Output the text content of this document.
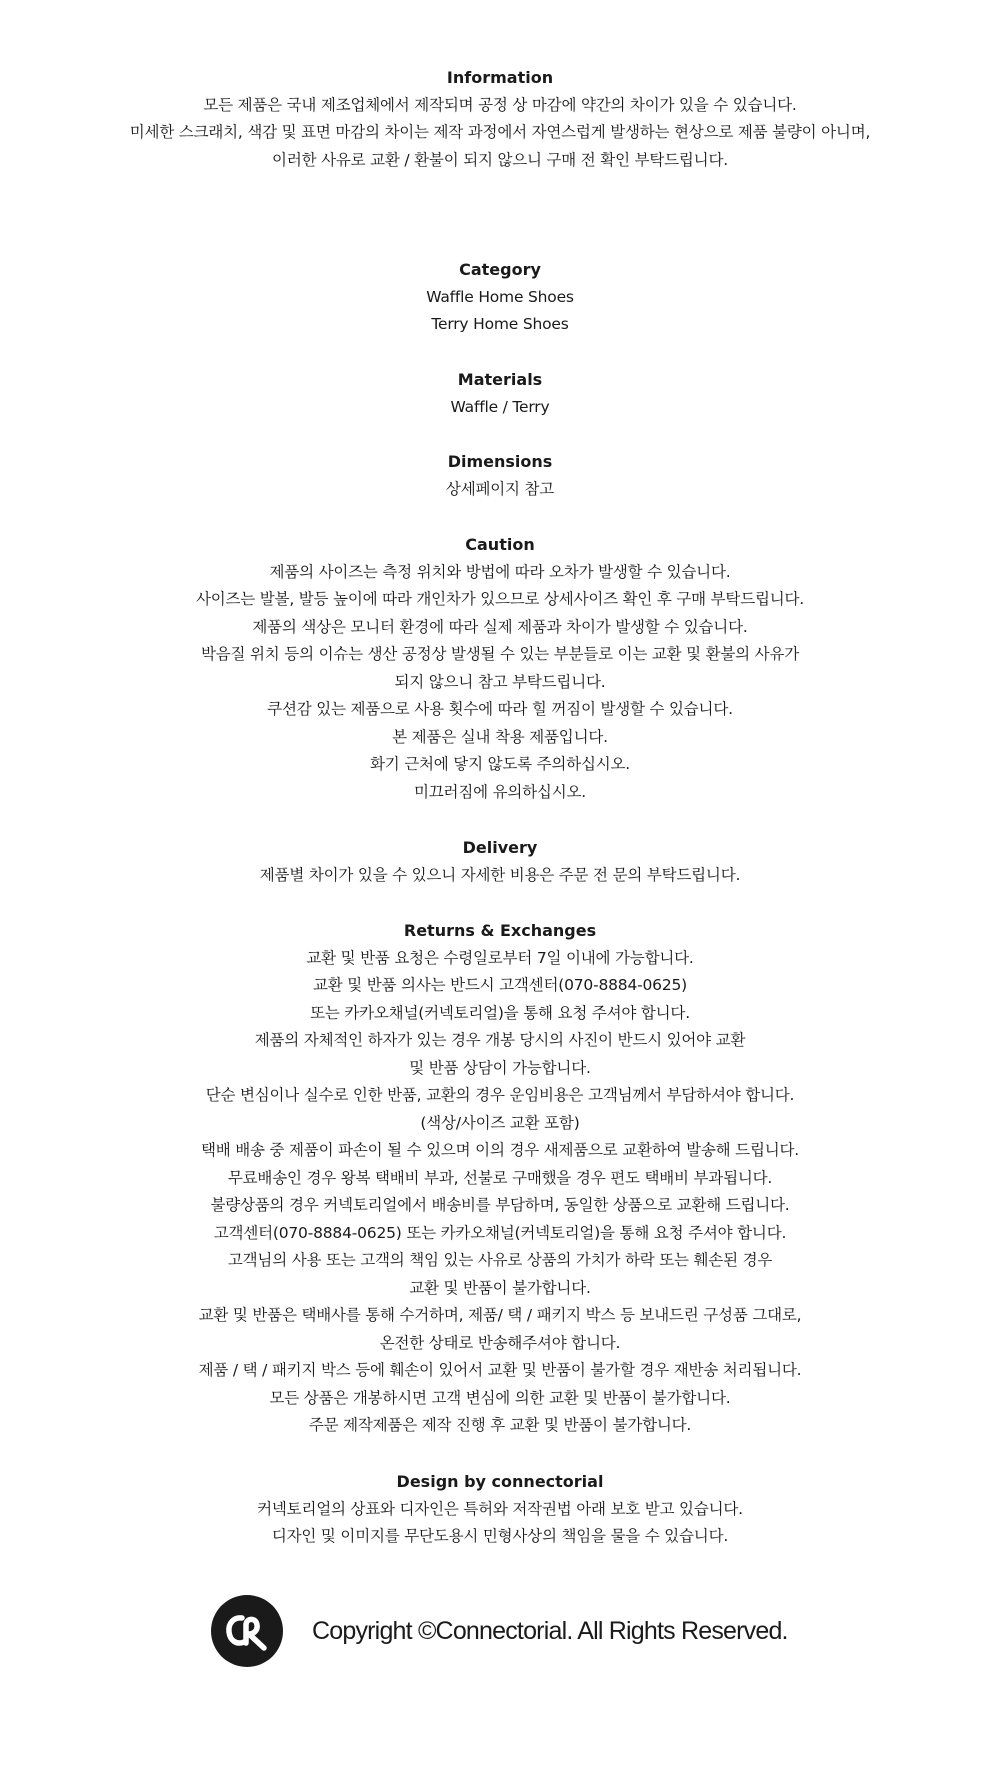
Information
모든 제품은 국내 제조업체에서 제작되며 공정 상 마감에 약간의 차이가 있을 수 있습니다.
미세한 스크래치, 색감 및 표면 마감의 차이는 제작 과정에서 자연스럽게 발생하는 현상으로 제품 불량이 아니며,
이러한 사유로 교환 / 환불이 되지 않으니 구매 전 확인 부탁드립니다.
Category
Waffle Home Shoes
Terry Home Shoes
Materials
Waffle / Terry
Dimensions
상세페이지 참고
Caution
제품의 사이즈는 측정 위치와 방법에 따라 오차가 발생할 수 있습니다.
사이즈는 발볼, 발등 높이에 따라 개인차가 있으므로 상세사이즈 확인 후 구매 부탁드립니다.
제품의 색상은 모니터 환경에 따라 실제 제품과 차이가 발생할 수 있습니다.
박음질 위치 등의 이슈는 생산 공정상 발생될 수 있는 부분들로 이는 교환 및 환불의 사유가
되지 않으니 참고 부탁드립니다.
쿠션감 있는 제품으로 사용 횟수에 따라 힐 꺼짐이 발생할 수 있습니다.
본 제품은 실내 착용 제품입니다.
화기 근처에 닿지 않도록 주의하십시오.
미끄러짐에 유의하십시오.
Delivery
제품별 차이가 있을 수 있으니 자세한 비용은 주문 전 문의 부탁드립니다.
Returns & Exchanges
교환 및 반품 요청은 수령일로부터 7일 이내에 가능합니다.
교환 및 반품 의사는 반드시 고객센터(070-8884-0625)
또는 카카오채널(커넥토리얼)을 통해 요청 주셔야 합니다.
제품의 자체적인 하자가 있는 경우 개봉 당시의 사진이 반드시 있어야 교환
및 반품 상담이 가능합니다.
단순 변심이나 실수로 인한 반품, 교환의 경우 운임비용은 고객님께서 부담하셔야 합니다.
(색상/사이즈 교환 포함)
택배 배송 중 제품이 파손이 될 수 있으며 이의 경우 새제품으로 교환하여 발송해 드립니다.
무료배송인 경우 왕복 택배비 부과, 선불로 구매했을 경우 편도 택배비 부과됩니다.
불량상품의 경우 커넥토리얼에서 배송비를 부담하며, 동일한 상품으로 교환해 드립니다.
고객센터(070-8884-0625) 또는 카카오채널(커넥토리얼)을 통해 요청 주셔야 합니다.
고객님의 사용 또는 고객의 책임 있는 사유로 상품의 가치가 하락 또는 훼손된 경우
교환 및 반품이 불가합니다.
교환 및 반품은 택배사를 통해 수거하며, 제품/ 택 / 패키지 박스 등 보내드린 구성품 그대로,
온전한 상태로 반송해주셔야 합니다.
제품 / 택 / 패키지 박스 등에 훼손이 있어서 교환 및 반품이 불가할 경우 재반송 처리됩니다.
모든 상품은 개봉하시면 고객 변심에 의한 교환 및 반품이 불가합니다.
주문 제작제품은 제작 진행 후 교환 및 반품이 불가합니다.
Design by connectorial
커넥토리얼의 상표와 디자인은 특허와 저작권법 아래 보호 받고 있습니다.
디자인 및 이미지를 무단도용시 민형사상의 책임을 물을 수 있습니다.
Copyright ©Connectorial. All Rights Reserved.
